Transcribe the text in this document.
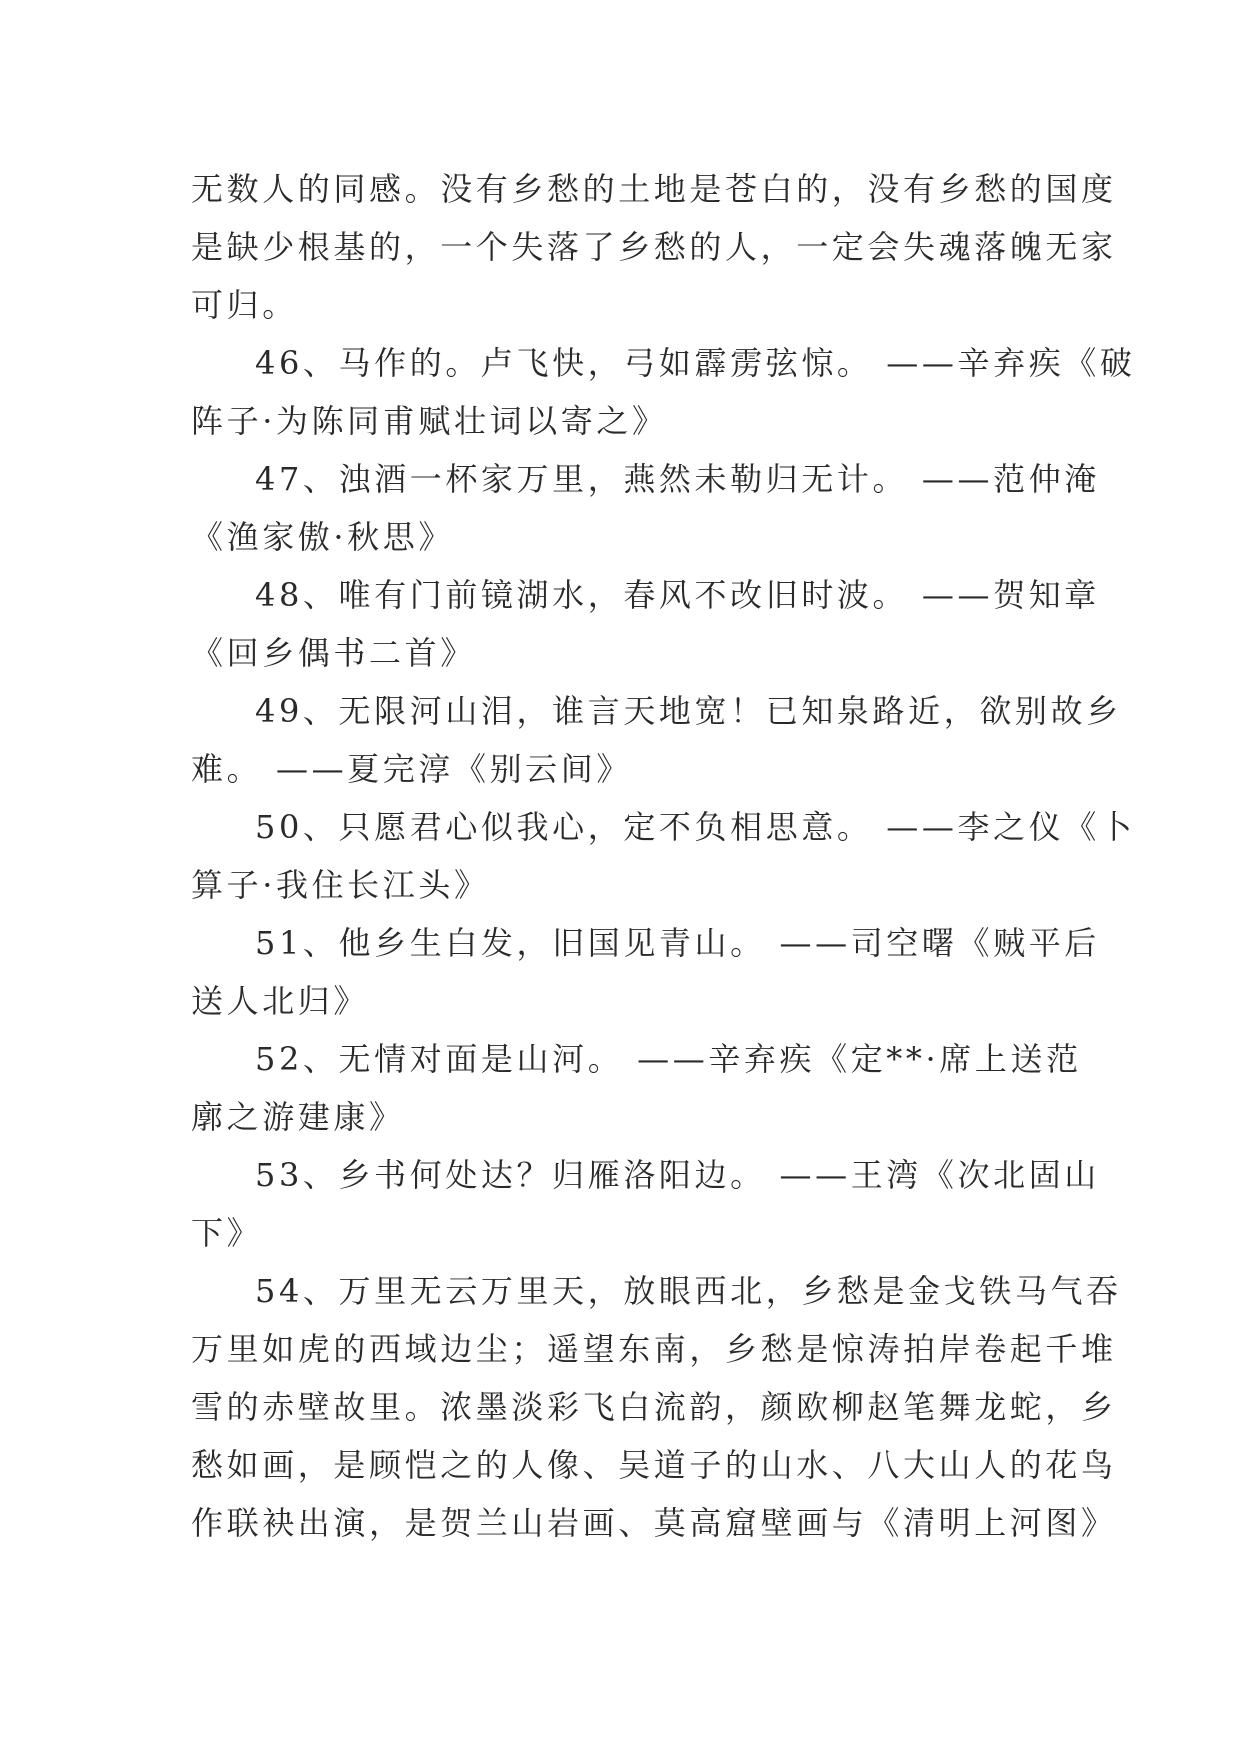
无数人的同感。没有乡愁的土地是苍白的，没有乡愁的国度
是缺少根基的，一个失落了乡愁的人，一定会失魂落魄无家
可归。
46、马作的。卢飞快，弓如霹雳弦惊。 ——辛弃疾《破
阵子·为陈同甫赋壮词以寄之》
47、浊酒一杯家万里，燕然未勒归无计。 ——范仲淹
《渔家傲·秋思》
48、唯有门前镜湖水，春风不改旧时波。 ——贺知章
《回乡偶书二首》
49、无限河山泪，谁言天地宽！已知泉路近，欲别故乡
难。 ——夏完淳《别云间》
50、只愿君心似我心，定不负相思意。 ——李之仪《卜
算子·我住长江头》
51、他乡生白发，旧国见青山。 ——司空曙《贼平后
送人北归》
52、无情对面是山河。 ——辛弃疾《定**·席上送范
廓之游建康》
53、乡书何处达？归雁洛阳边。 ——王湾《次北固山
下》
54、万里无云万里天，放眼西北，乡愁是金戈铁马气吞
万里如虎的西域边尘；遥望东南，乡愁是惊涛拍岸卷起千堆
雪的赤壁故里。浓墨淡彩飞白流韵，颜欧柳赵笔舞龙蛇，乡
愁如画，是顾恺之的人像、吴道子的山水、八大山人的花鸟
作联袂出演，是贺兰山岩画、莫高窟壁画与《清明上河图》
